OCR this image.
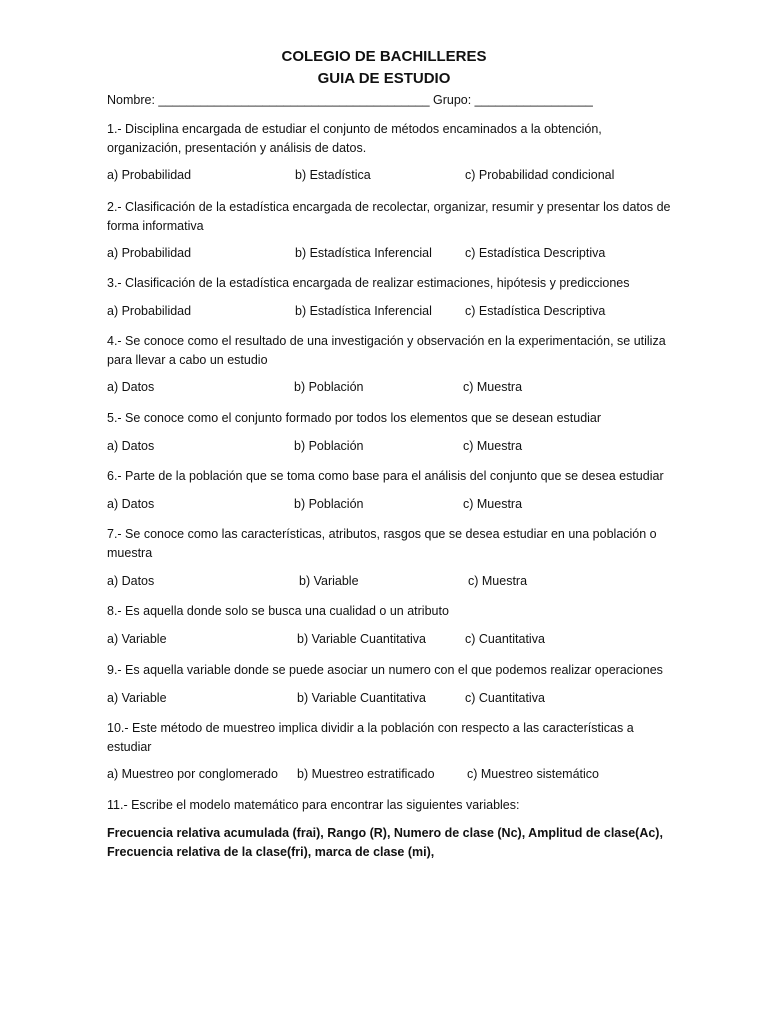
COLEGIO DE BACHILLERES
GUIA DE ESTUDIO
Nombre: _______________________________________ Grupo: _________________
1.- Disciplina encargada de estudiar el conjunto de métodos encaminados a la obtención, organización, presentación y análisis de datos.
a) Probabilidad	b) Estadística	c) Probabilidad condicional
2.- Clasificación de la estadística encargada de recolectar, organizar, resumir y presentar los datos de forma informativa
a) Probabilidad	b) Estadística Inferencial	c) Estadística Descriptiva
3.- Clasificación de la estadística encargada de realizar estimaciones, hipótesis y predicciones
a) Probabilidad	b) Estadística Inferencial	c) Estadística Descriptiva
4.- Se conoce como el resultado de una investigación y observación en la experimentación, se utiliza para llevar a cabo un estudio
a) Datos	b) Población	c) Muestra
5.- Se conoce como el conjunto formado por todos los elementos que se desean estudiar
a) Datos	b) Población	c) Muestra
6.- Parte de la población que se toma como base para el análisis del conjunto que se desea estudiar
a) Datos	b) Población	c) Muestra
7.- Se conoce como las características, atributos, rasgos que se desea estudiar en una población o muestra
a) Datos	b) Variable	c) Muestra
8.- Es aquella donde solo se busca una cualidad o un atributo
a) Variable	b) Variable Cuantitativa	c) Cuantitativa
9.- Es aquella variable donde se puede asociar un numero con el que podemos realizar operaciones
a) Variable	b) Variable Cuantitativa	c) Cuantitativa
10.- Este método de muestreo implica dividir a la población con respecto a las características a estudiar
a) Muestreo por conglomerado b) Muestreo estratificado	c) Muestreo sistemático
11.- Escribe el modelo matemático para encontrar las siguientes variables:
Frecuencia relativa acumulada (frai), Rango (R), Numero de clase (Nc), Amplitud de clase(Ac), Frecuencia relativa de la clase(fri), marca de clase (mi),
